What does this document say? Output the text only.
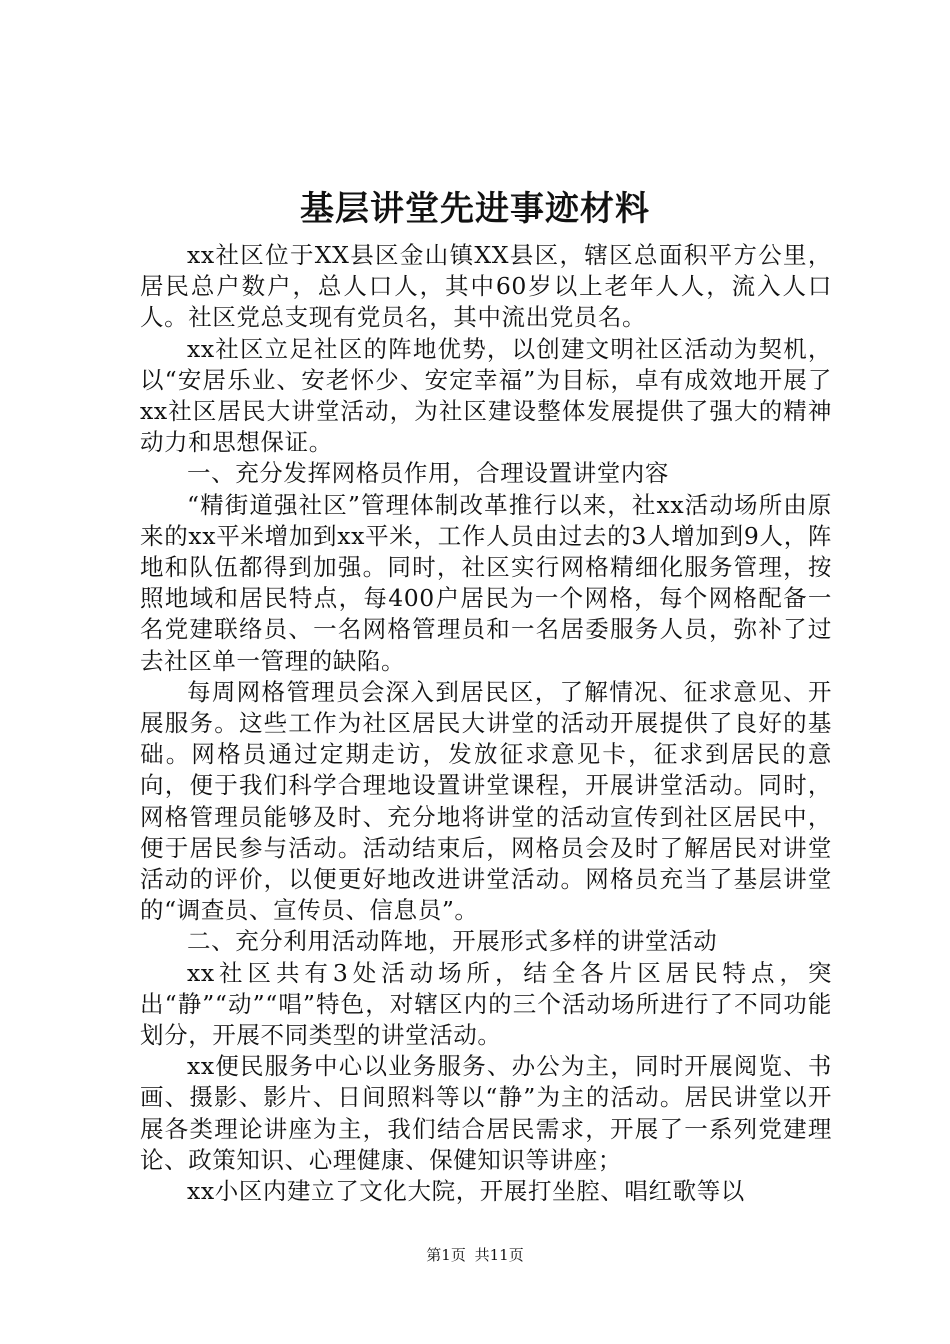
基层讲堂先进事迹材料

xx社区位于XX县区金山镇XX县区，辖区总面积平方公里，居民总户数户，总人口人，其中60岁以上老年人人，流入人口人。社区党总支现有党员名，其中流出党员名。

xx社区立足社区的阵地优势，以创建文明社区活动为契机，以“安居乐业、安老怀少、安定幸福”为目标，卓有成效地开展了xx社区居民大讲堂活动，为社区建设整体发展提供了强大的精神动力和思想保证。

一、充分发挥网格员作用，合理设置讲堂内容

“精街道强社区”管理体制改革推行以来，社xx活动场所由原来的xx平米增加到xx平米，工作人员由过去的3人增加到9人，阵地和队伍都得到加强。同时，社区实行网格精细化服务管理，按照地域和居民特点，每400户居民为一个网格，每个网格配备一名党建联络员、一名网格管理员和一名居委服务人员，弥补了过去社区单一管理的缺陷。

每周网格管理员会深入到居民区，了解情况、征求意见、开展服务。这些工作为社区居民大讲堂的活动开展提供了良好的基础。网格员通过定期走访，发放征求意见卡，征求到居民的意向，便于我们科学合理地设置讲堂课程，开展讲堂活动。同时，网格管理员能够及时、充分地将讲堂的活动宣传到社区居民中，便于居民参与活动。活动结束后，网格员会及时了解居民对讲堂活动的评价，以便更好地改进讲堂活动。网格员充当了基层讲堂的“调查员、宣传员、信息员”。

二、充分利用活动阵地，开展形式多样的讲堂活动

xx社区共有3处活动场所，结全各片区居民特点，突出“静”“动”“唱”特色，对辖区内的三个活动场所进行了不同功能划分，开展不同类型的讲堂活动。

xx便民服务中心以业务服务、办公为主，同时开展阅览、书画、摄影、影片、日间照料等以“静”为主的活动。居民讲堂以开展各类理论讲座为主，我们结合居民需求，开展了一系列党建理论、政策知识、心理健康、保健知识等讲座；

xx小区内建立了文化大院，开展打坐腔、唱红歌等以

第1页 共11页
